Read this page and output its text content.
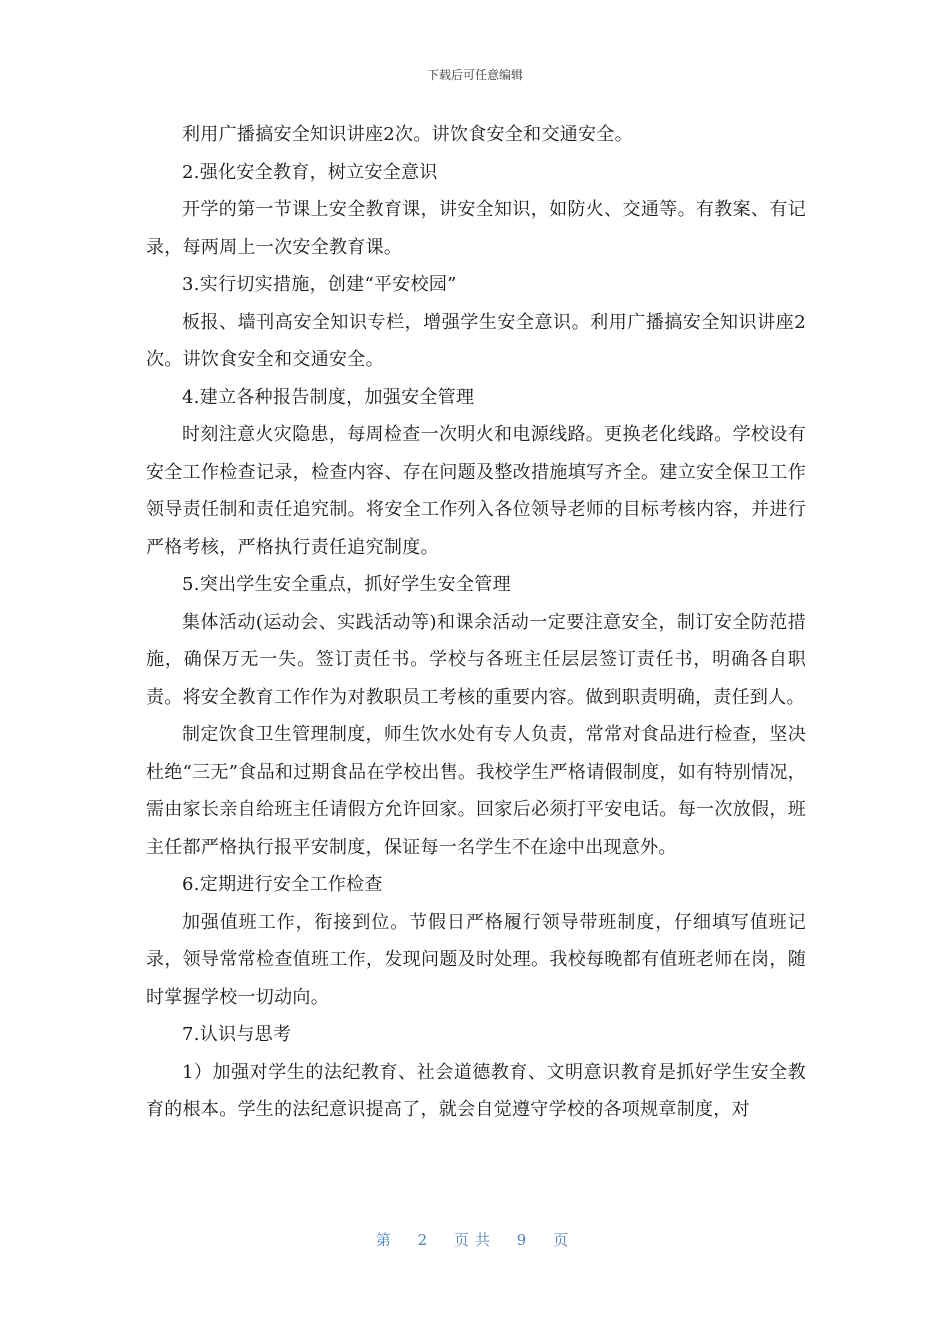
下载后可任意编辑

利用广播搞安全知识讲座2次。讲饮食安全和交通安全。

2.强化安全教育，树立安全意识

开学的第一节课上安全教育课，讲安全知识，如防火、交通等。有教案、有记录，每两周上一次安全教育课。

3.实行切实措施，创建“平安校园”

板报、墙刊高安全知识专栏，增强学生安全意识。利用广播搞安全知识讲座2次。讲饮食安全和交通安全。

4.建立各种报告制度，加强安全管理

时刻注意火灾隐患，每周检查一次明火和电源线路。更换老化线路。学校设有安全工作检查记录，检查内容、存在问题及整改措施填写齐全。建立安全保卫工作领导责任制和责任追究制。将安全工作列入各位领导老师的目标考核内容，并进行严格考核，严格执行责任追究制度。

5.突出学生安全重点，抓好学生安全管理

集体活动(运动会、实践活动等)和课余活动一定要注意安全，制订安全防范措施，确保万无一失。签订责任书。学校与各班主任层层签订责任书，明确各自职责。将安全教育工作作为对教职员工考核的重要内容。做到职责明确，责任到人。

制定饮食卫生管理制度，师生饮水处有专人负责，常常对食品进行检查，坚决杜绝“三无”食品和过期食品在学校出售。我校学生严格请假制度，如有特别情况，需由家长亲自给班主任请假方允许回家。回家后必须打平安电话。每一次放假，班主任都严格执行报平安制度，保证每一名学生不在途中出现意外。

6.定期进行安全工作检查

加强值班工作，衔接到位。节假日严格履行领导带班制度，仔细填写值班记录，领导常常检查值班工作，发现问题及时处理。我校每晚都有值班老师在岗，随时掌握学校一切动向。

7.认识与思考

1）加强对学生的法纪教育、社会道德教育、文明意识教育是抓好学生安全教育的根本。学生的法纪意识提高了，就会自觉遵守学校的各项规章制度，对

第 2 页共 9 页
